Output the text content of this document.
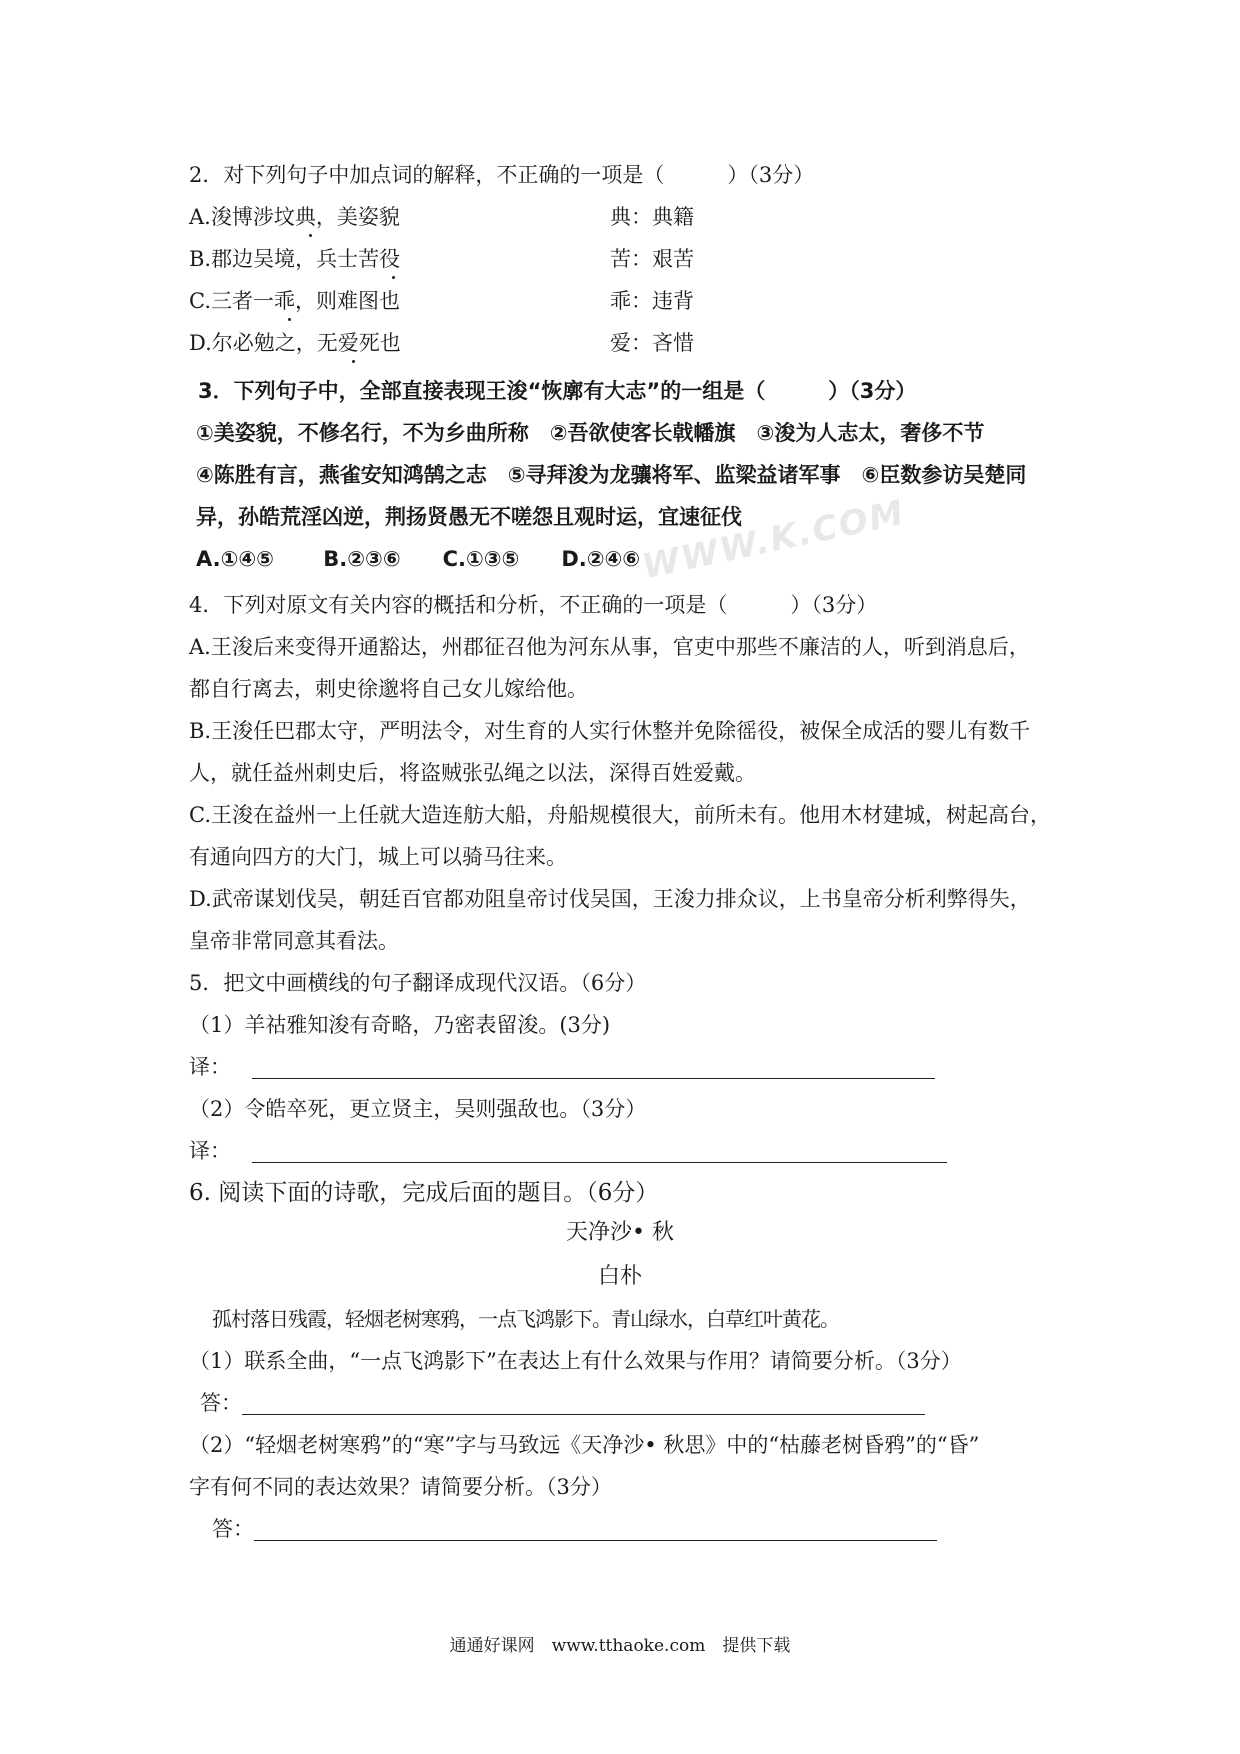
WWW.K.COM
2．对下列句子中加点词的解释，不正确的一项是（　　　）（3分）
A.浚博涉坟典，美姿貌	典：典籍
B.郡边吴境，兵士苦役	苦：艰苦
C.三者一乖，则难图也	乖：违背
D.尔必勉之，无爱死也	爱：吝惜
3．下列句子中，全部直接表现王浚“恢廓有大志”的一组是（　　　）（3分）
①美姿貌，不修名行，不为乡曲所称　②吾欲使客长戟幡旗　③浚为人志太，奢侈不节
④陈胜有言，燕雀安知鸿鹄之志　⑤寻拜浚为龙骧将军、监梁益诸军事　⑥臣数参访吴楚同
异，孙皓荒淫凶逆，荆扬贤愚无不嗟怨且观时运，宜速征伐
A.①④⑤　　 B.②③⑥　　C.①③⑤　　D.②④⑥
4．下列对原文有关内容的概括和分析，不正确的一项是（　　　）（3分）
A.王浚后来变得开通豁达，州郡征召他为河东从事，官吏中那些不廉洁的人，听到消息后，
都自行离去，刺史徐邈将自己女儿嫁给他。
B.王浚任巴郡太守，严明法令，对生育的人实行休整并免除徭役，被保全成活的婴儿有数千
人，就任益州刺史后，将盗贼张弘绳之以法，深得百姓爱戴。
C.王浚在益州一上任就大造连舫大船，舟船规模很大，前所未有。他用木材建城，树起高台，
有通向四方的大门，城上可以骑马往来。
D.武帝谋划伐吴，朝廷百官都劝阻皇帝讨伐吴国，王浚力排众议，上书皇帝分析利弊得失，
皇帝非常同意其看法。
5．把文中画横线的句子翻译成现代汉语。（6分）
（1）羊祜雅知浚有奇略，乃密表留浚。(3分)
译：
（2）令皓卒死，更立贤主，吴则强敌也。（3分）
译：
6. 阅读下面的诗歌，完成后面的题目。（6分）
天净沙• 秋
白朴
孤村落日残霞，轻烟老树寒鸦，一点飞鸿影下。青山绿水，白草红叶黄花。
（1）联系全曲，“一点飞鸿影下”在表达上有什么效果与作用？请简要分析。（3分）
答：
（2）“轻烟老树寒鸦”的“寒”字与马致远《天净沙• 秋思》中的“枯藤老树昏鸦”的“昏”
字有何不同的表达效果？请简要分析。（3分）
答：
通通好课网　www.tthaoke.com　提供下载
